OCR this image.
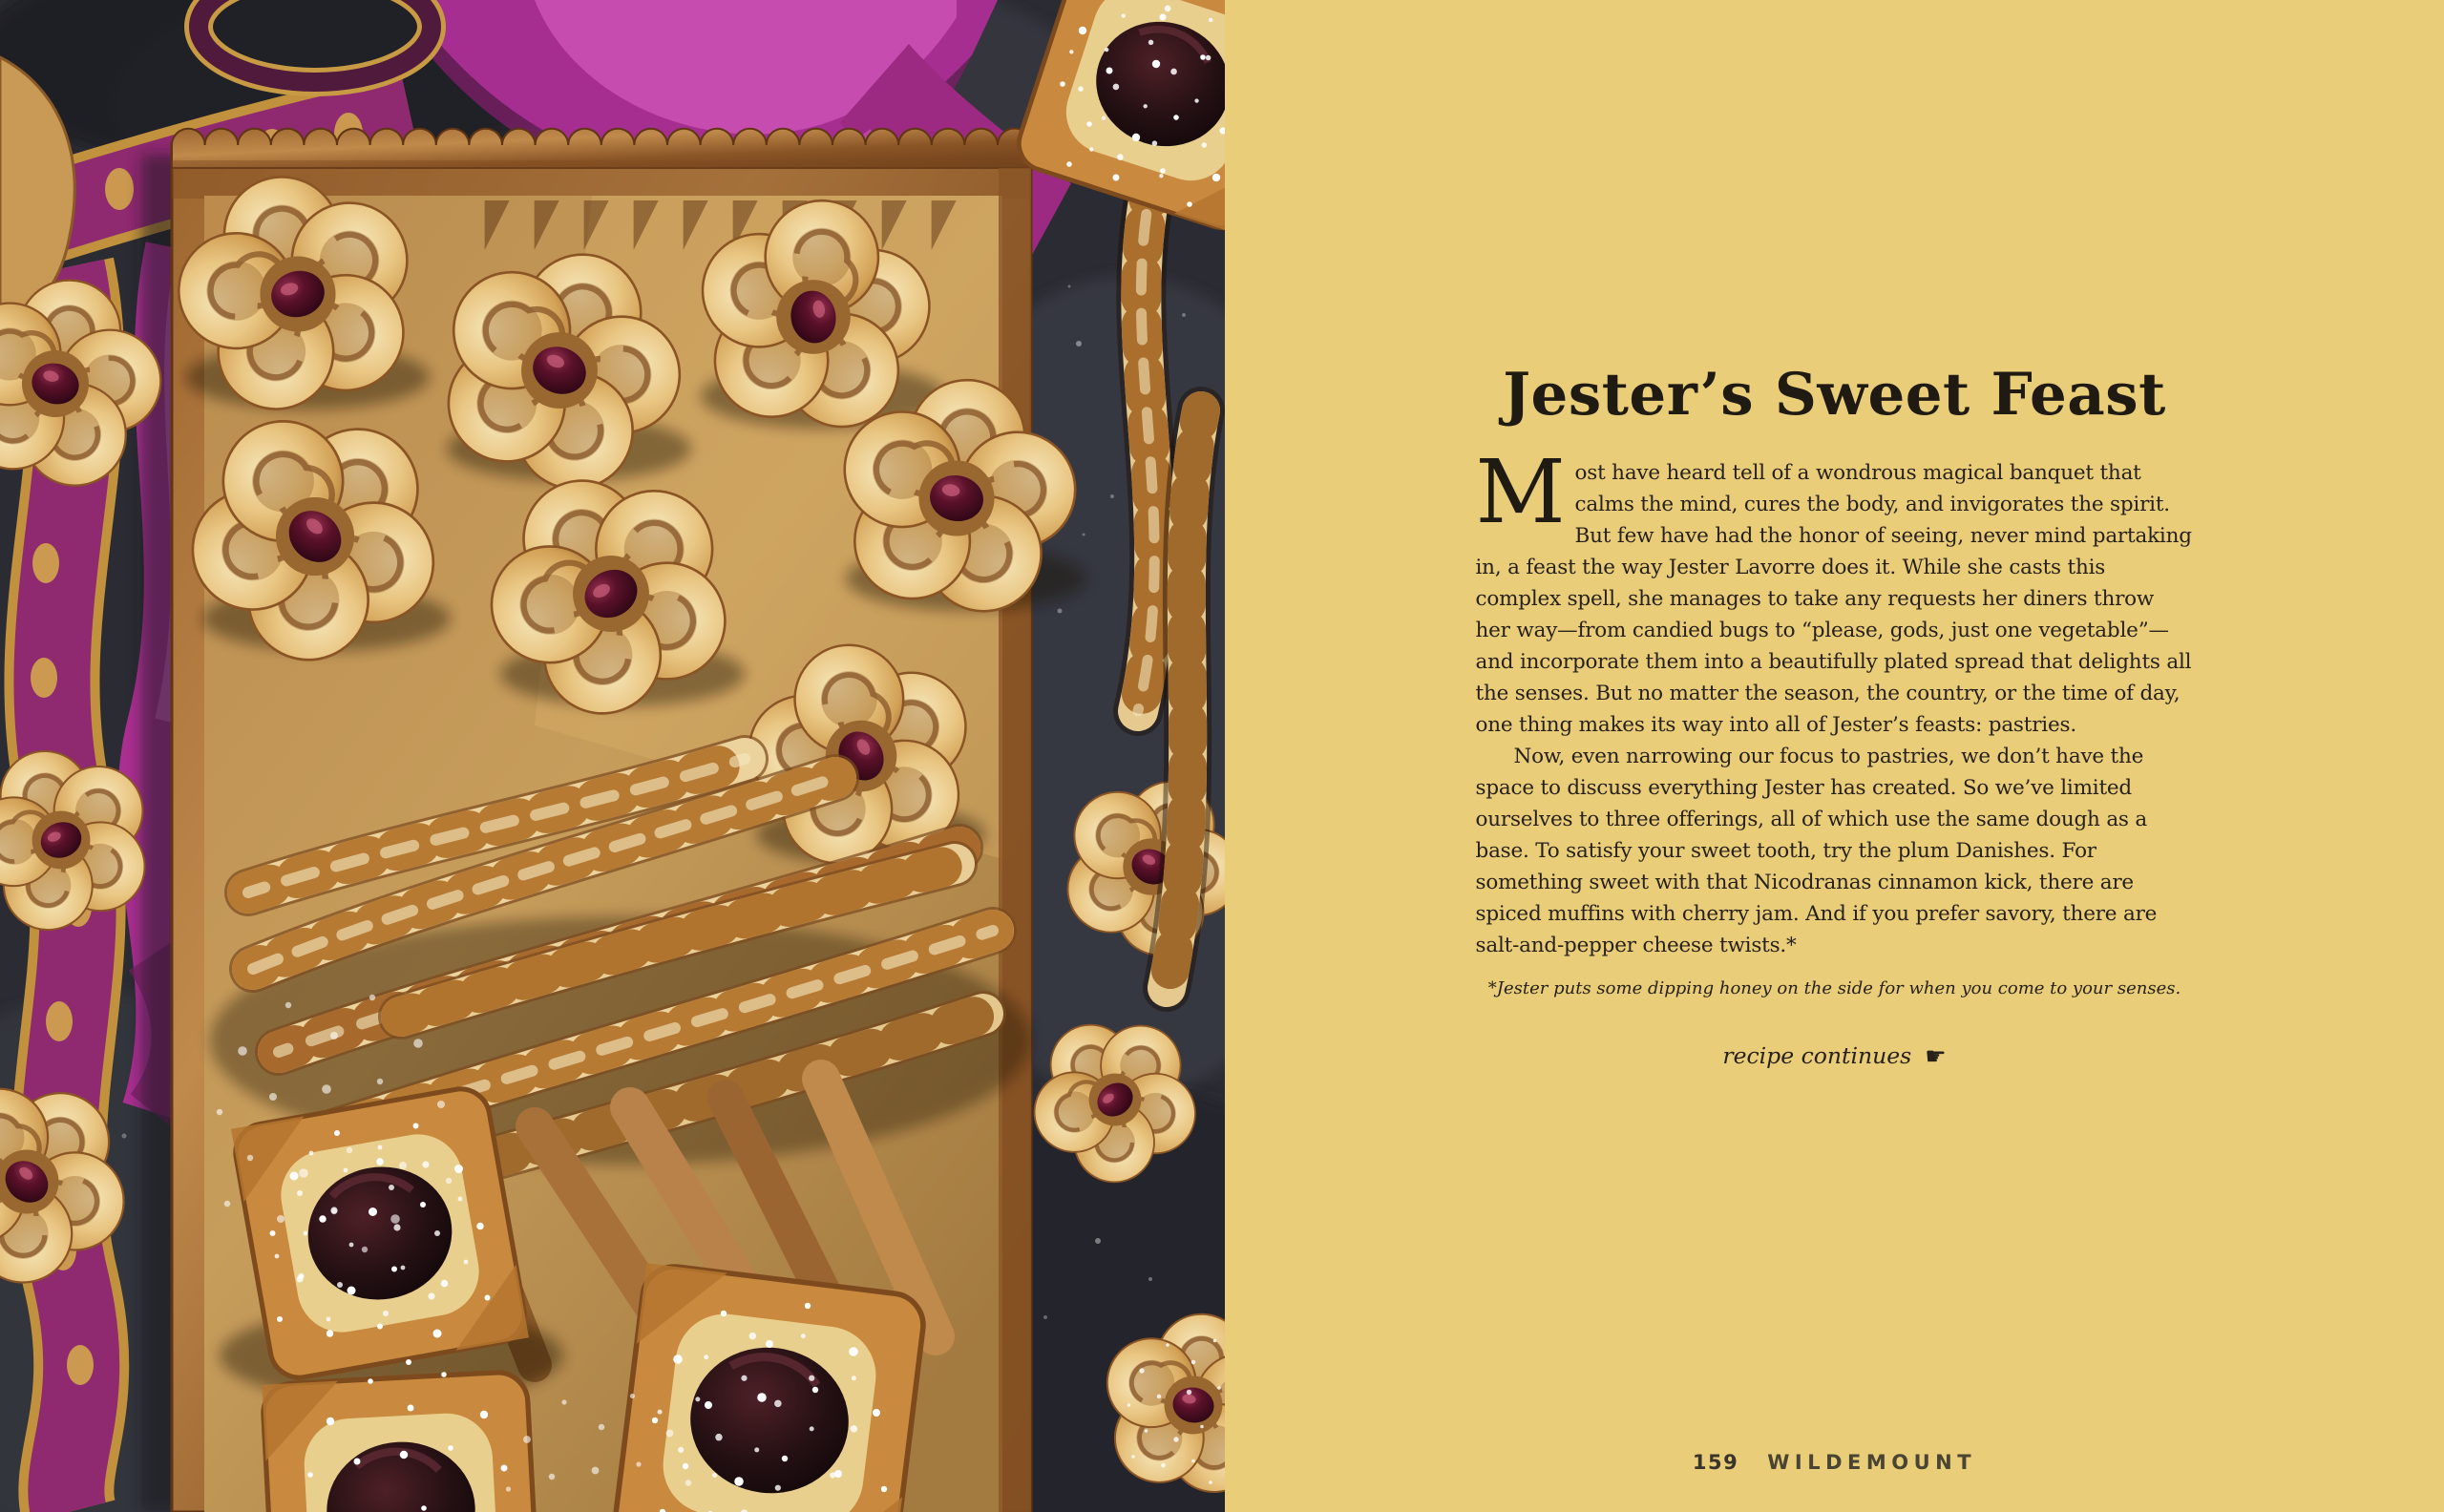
Jester’s Sweet Feast

Most have heard tell of a wondrous magical banquet that calms the mind, cures the body, and invigorates the spirit. But few have had the honor of seeing, never mind partaking in, a feast the way Jester Lavorre does it. While she casts this complex spell, she manages to take any requests her diners throw her way—from candied bugs to “please, gods, just one vegetable”—and incorporate them into a beautifully plated spread that delights all the senses. But no matter the season, the country, or the time of day, one thing makes its way into all of Jester’s feasts: pastries.

Now, even narrowing our focus to pastries, we don’t have the space to discuss everything Jester has created. So we’ve limited ourselves to three offerings, all of which use the same dough as a base. To satisfy your sweet tooth, try the plum Danishes. For something sweet with that Nicodranas cinnamon kick, there are spiced muffins with cherry jam. And if you prefer savory, there are salt-and-pepper cheese twists.*

*Jester puts some dipping honey on the side for when you come to your senses.

recipe continues ☛

159 WILDEMOUNT
